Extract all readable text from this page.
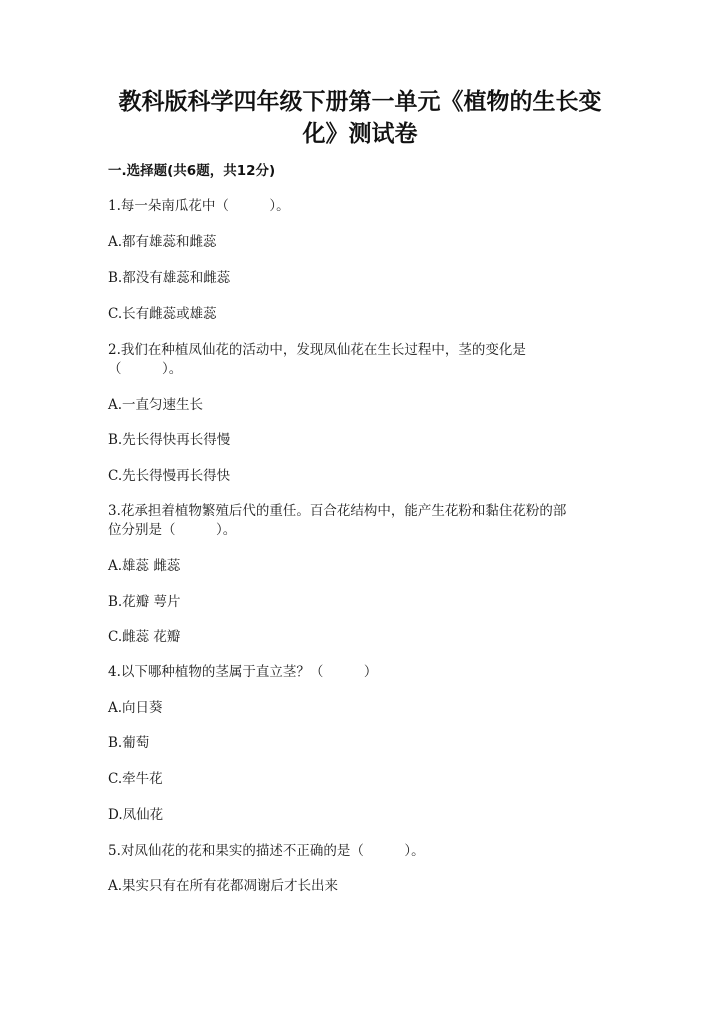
教科版科学四年级下册第一单元《植物的生长变
化》测试卷
一.选择题(共6题，共12分)
1.每一朵南瓜花中（　　　）。
A.都有雄蕊和雌蕊
B.都没有雄蕊和雌蕊
C.长有雌蕊或雄蕊
2.我们在种植凤仙花的活动中，发现凤仙花在生长过程中，茎的变化是
（　　　）。
A.一直匀速生长
B.先长得快再长得慢
C.先长得慢再长得快
3.花承担着植物繁殖后代的重任。百合花结构中，能产生花粉和黏住花粉的部
位分别是（　　　）。
A.雄蕊 雌蕊
B.花瓣 萼片
C.雌蕊 花瓣
4.以下哪种植物的茎属于直立茎？（　　　）
A.向日葵
B.葡萄
C.牵牛花
D.凤仙花
5.对凤仙花的花和果实的描述不正确的是（　　　）。
A.果实只有在所有花都凋谢后才长出来
